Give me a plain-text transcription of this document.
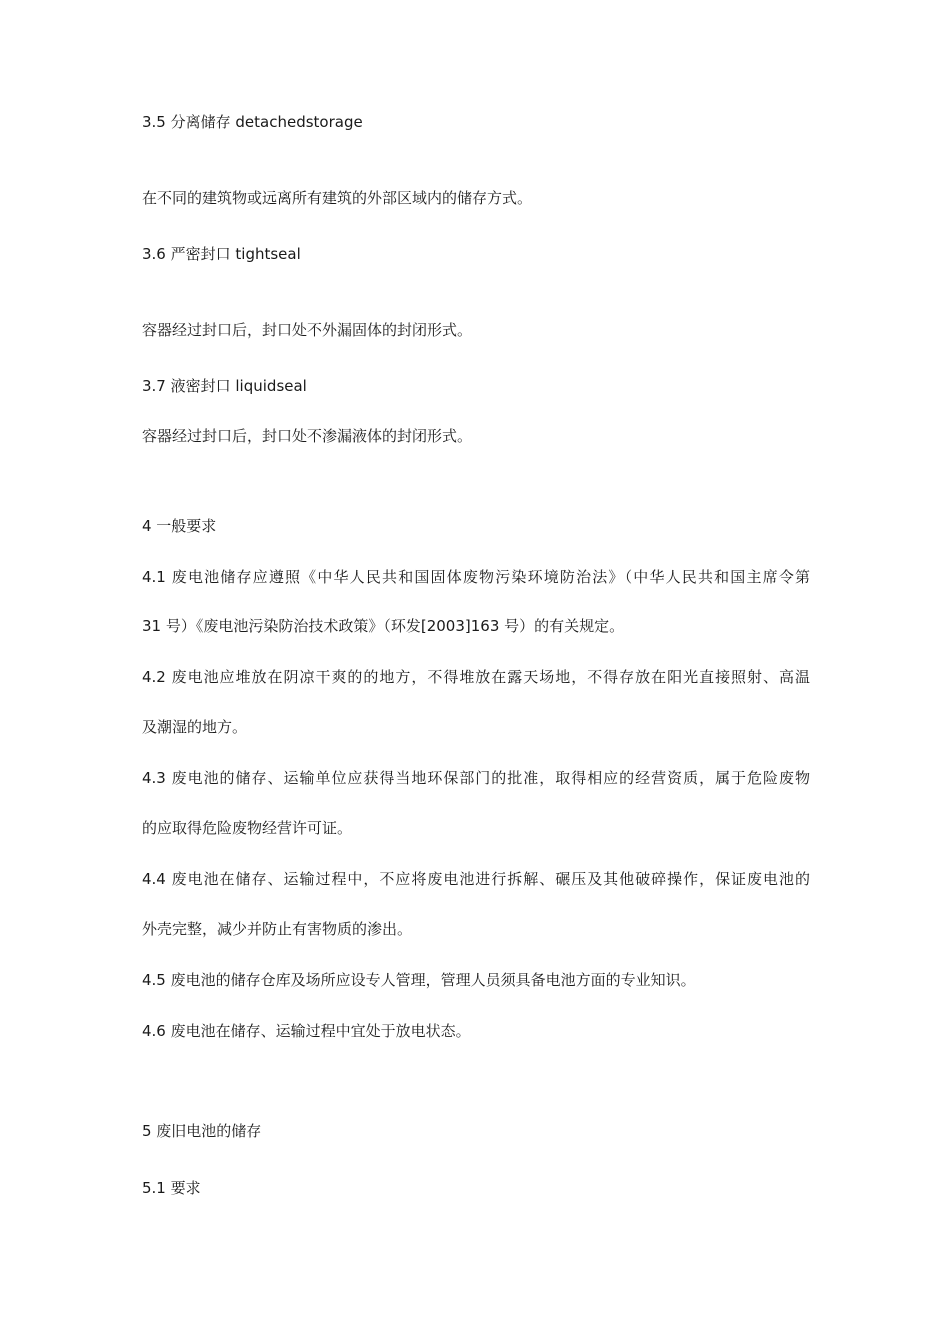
3.5 分离储存 detachedstorage
在不同的建筑物或远离所有建筑的外部区域内的储存方式。
3.6 严密封口 tightseal
容器经过封口后，封口处不外漏固体的封闭形式。
3.7 液密封口 liquidseal
容器经过封口后，封口处不渗漏液体的封闭形式。
4 一般要求
4.1 废电池储存应遵照《中华人民共和国固体废物污染环境防治法》（中华人民共和国主席令第
31 号）《废电池污染防治技术政策》（环发[2003]163 号）的有关规定。
4.2 废电池应堆放在阴凉干爽的的地方，不得堆放在露天场地，不得存放在阳光直接照射、高温
及潮湿的地方。
4.3 废电池的储存、运输单位应获得当地环保部门的批准，取得相应的经营资质，属于危险废物
的应取得危险废物经营许可证。
4.4 废电池在储存、运输过程中，不应将废电池进行拆解、碾压及其他破碎操作，保证废电池的
外壳完整，减少并防止有害物质的渗出。
4.5 废电池的储存仓库及场所应设专人管理，管理人员须具备电池方面的专业知识。
4.6 废电池在储存、运输过程中宜处于放电状态。
5 废旧电池的储存
5.1 要求
